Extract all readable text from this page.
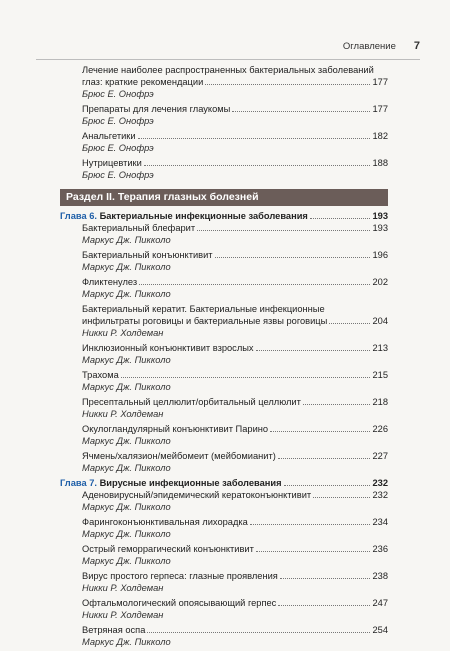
Оглавление 7
Лечение наиболее распространенных бактериальных заболеваний
глаз: краткие рекомендации	177
Брюс Е. Онофрэ
Препараты для лечения глаукомы	177
Брюс Е. Онофрэ
Анальгетики	182
Брюс Е. Онофрэ
Нутрицевтики	188
Брюс Е. Онофрэ
Раздел II. Терапия глазных болезней
Глава 6. Бактериальные инфекционные заболевания	193
Бактериальный блефарит	193
Маркус Дж. Пикколо
Бактериальный конъюнктивит	196
Маркус Дж. Пикколо
Фликтенулез	202
Маркус Дж. Пикколо
Бактериальный кератит. Бактериальные инфекционные
инфильтраты роговицы и бактериальные язвы роговицы	204
Никки Р. Холдеман
Инклюзионный конъюнктивит взрослых	213
Маркус Дж. Пикколо
Трахома	215
Маркус Дж. Пикколо
Пресептальный целлюлит/орбитальный целлюлит	218
Никки Р. Холдеман
Окулогландулярный конъюнктивит Парино	226
Маркус Дж. Пикколо
Ячмень/халязион/мейбомеит (мейбомианит)	227
Маркус Дж. Пикколо
Глава 7. Вирусные инфекционные заболевания	232
Аденовирусный/эпидемический кератоконъюнктивит	232
Маркус Дж. Пикколо
Фарингоконъюнктивальная лихорадка	234
Маркус Дж. Пикколо
Острый геморрагический конъюнктивит	236
Маркус Дж. Пикколо
Вирус простого герпеса: глазные проявления	238
Никки Р. Холдеман
Офтальмологический опоясывающий герпес	247
Никки Р. Холдеман
Ветряная оспа	254
Маркус Дж. Пикколо
